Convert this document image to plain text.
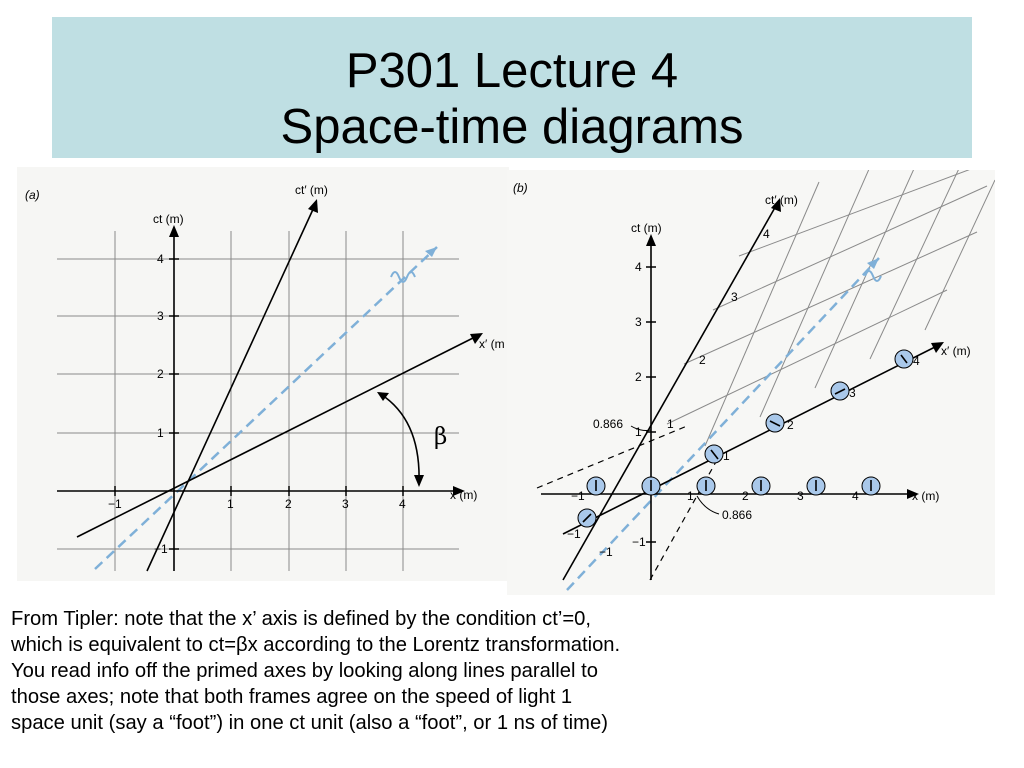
P301 Lecture 4
Space-time diagrams
(a)
ct (m)
ct′ (m)
x (m)
x′ (m
4
3
2
1
−1
−1	1	2	3	4
β
(b)
ct (m)
ct′ (m)
x (m)
x′ (m)
4
3
2
1
−1
−1	1	2	3	4
4
3
2
1
1
2
3
4
−1
−1
0.866
0.866
From Tipler: note that the x’ axis is defined by the condition ct’=0,
which is equivalent to ct=βx according to the Lorentz transformation.
You read info off the primed axes by looking along lines parallel to
those axes; note that both frames agree on the speed of light 1
space unit (say a “foot”) in one ct unit (also a “foot”, or 1 ns of time)
